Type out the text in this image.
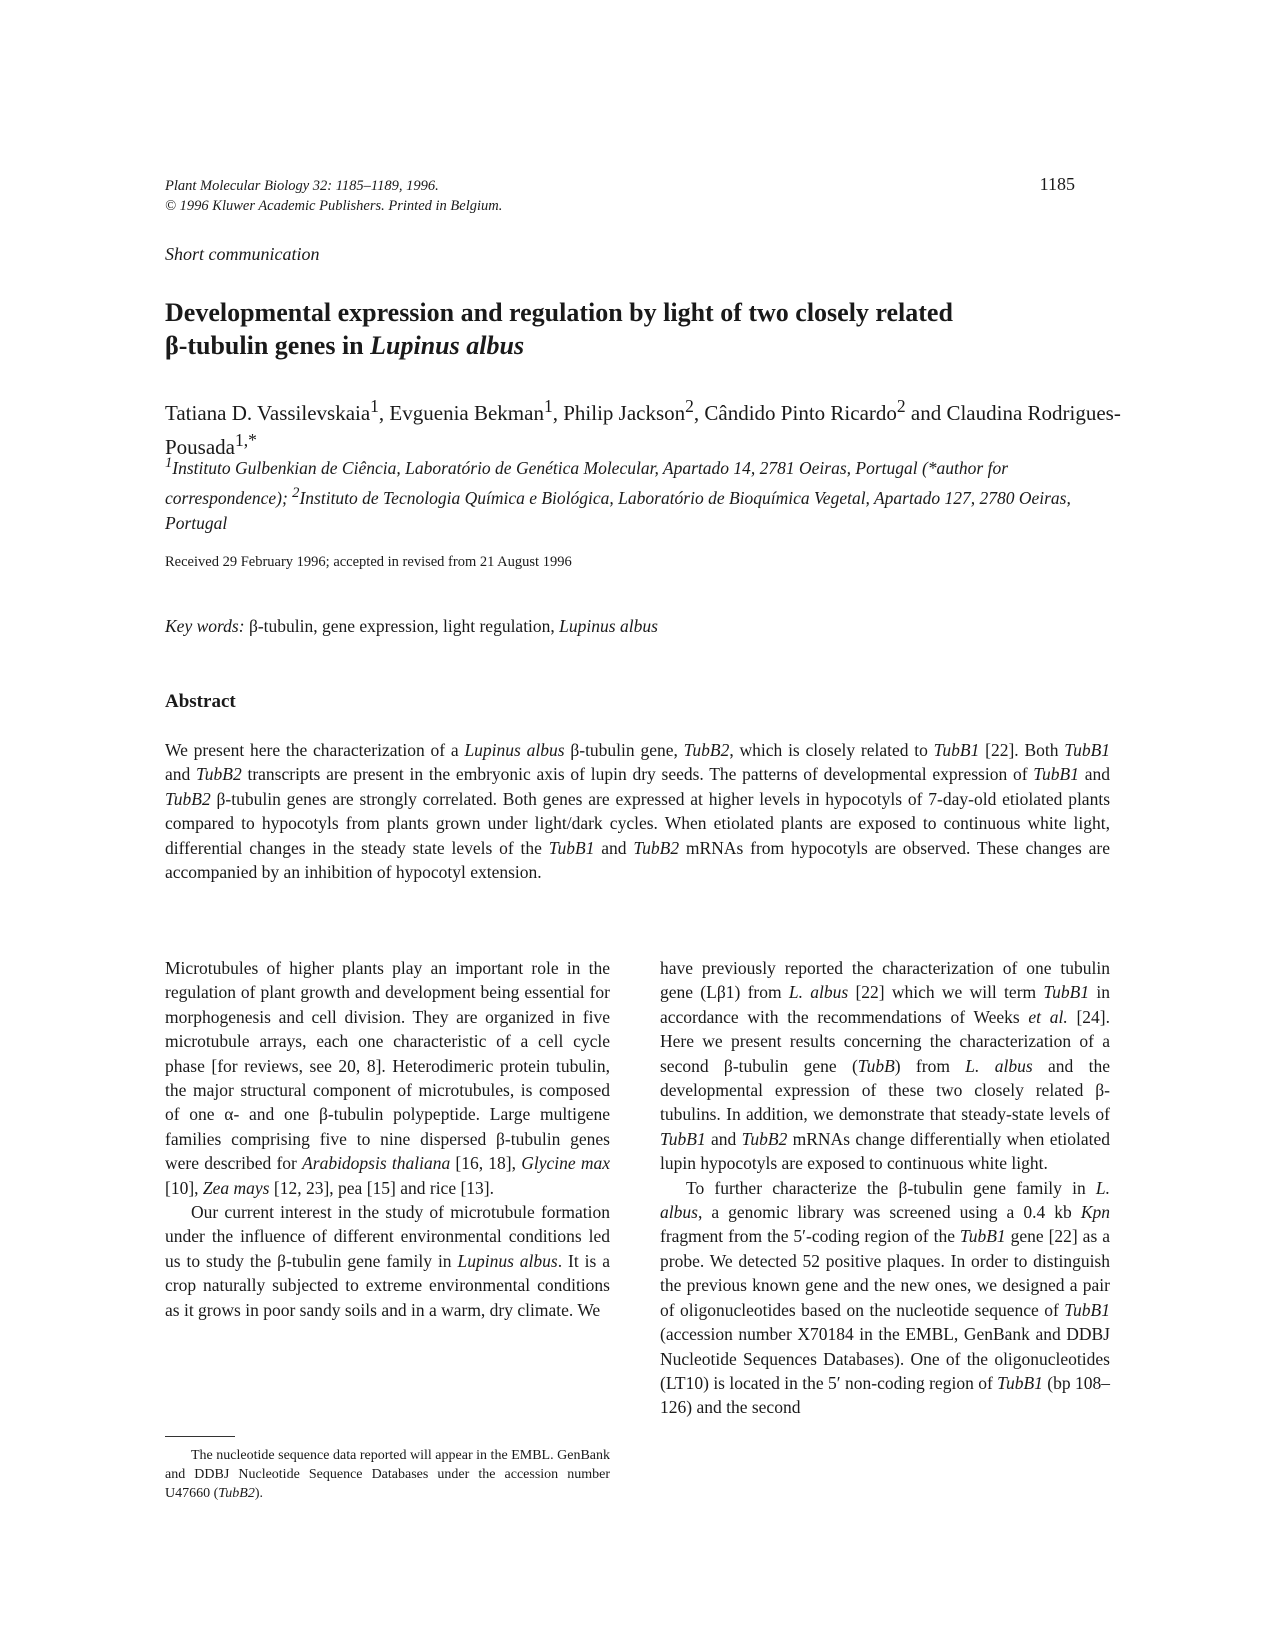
Plant Molecular Biology 32: 1185–1189, 1996.
© 1996 Kluwer Academic Publishers. Printed in Belgium.
1185
Short communication
Developmental expression and regulation by light of two closely related
β-tubulin genes in Lupinus albus
Tatiana D. Vassilevskaia$^1$, Evguenia Bekman$^1$, Philip Jackson$^2$, Cândido Pinto Ricardo$^2$ and Claudina Rodrigues-Pousada$^{1,*}$
$^1$Instituto Gulbenkian de Ciência, Laboratório de Genética Molecular, Apartado 14, 2781 Oeiras, Portugal (*author for correspondence); $^2$Instituto de Tecnologia Química e Biológica, Laboratório de Bioquímica Vegetal, Apartado 127, 2780 Oeiras, Portugal
Received 29 February 1996; accepted in revised from 21 August 1996
Key words: β-tubulin, gene expression, light regulation, Lupinus albus
Abstract
We present here the characterization of a Lupinus albus β-tubulin gene, TubB2, which is closely related to TubB1 [22]. Both TubB1 and TubB2 transcripts are present in the embryonic axis of lupin dry seeds. The patterns of developmental expression of TubB1 and TubB2 β-tubulin genes are strongly correlated. Both genes are expressed at higher levels in hypocotyls of 7-day-old etiolated plants compared to hypocotyls from plants grown under light/dark cycles. When etiolated plants are exposed to continuous white light, differential changes in the steady state levels of the TubB1 and TubB2 mRNAs from hypocotyls are observed. These changes are accompanied by an inhibition of hypocotyl extension.

Microtubules of higher plants play an important role in the regulation of plant growth and development being essential for morphogenesis and cell division. They are organized in five microtubule arrays, each one characteristic of a cell cycle phase [for reviews, see 20, 8]. Heterodimeric protein tubulin, the major structural component of microtubules, is composed of one α- and one β-tubulin polypeptide. Large multigene families comprising five to nine dispersed β-tubulin genes were described for Arabidopsis thaliana [16, 18], Glycine max [10], Zea mays [12, 23], pea [15] and rice [13].

Our current interest in the study of microtubule formation under the influence of different environmental conditions led us to study the β-tubulin gene family in Lupinus albus. It is a crop naturally subjected to extreme environmental conditions as it grows in poor sandy soils and in a warm, dry climate. We

The nucleotide sequence data reported will appear in the EMBL. GenBank and DDBJ Nucleotide Sequence Databases under the accession number U47660 (TubB2).

have previously reported the characterization of one tubulin gene (Lβ1) from L. albus [22] which we will term TubB1 in accordance with the recommendations of Weeks et al. [24]. Here we present results concerning the characterization of a second β-tubulin gene (TubB) from L. albus and the developmental expression of these two closely related β-tubulins. In addition, we demonstrate that steady-state levels of TubB1 and TubB2 mRNAs change differentially when etiolated lupin hypocotyls are exposed to continuous white light.

To further characterize the β-tubulin gene family in L. albus, a genomic library was screened using a 0.4 kb Kpn fragment from the 5′-coding region of the TubB1 gene [22] as a probe. We detected 52 positive plaques. In order to distinguish the previous known gene and the new ones, we designed a pair of oligonucleotides based on the nucleotide sequence of TubB1 (accession number X70184 in the EMBL, GenBank and DDBJ Nucleotide Sequences Databases). One of the oligonucleotides (LT10) is located in the 5′ non-coding region of TubB1 (bp 108–126) and the second
